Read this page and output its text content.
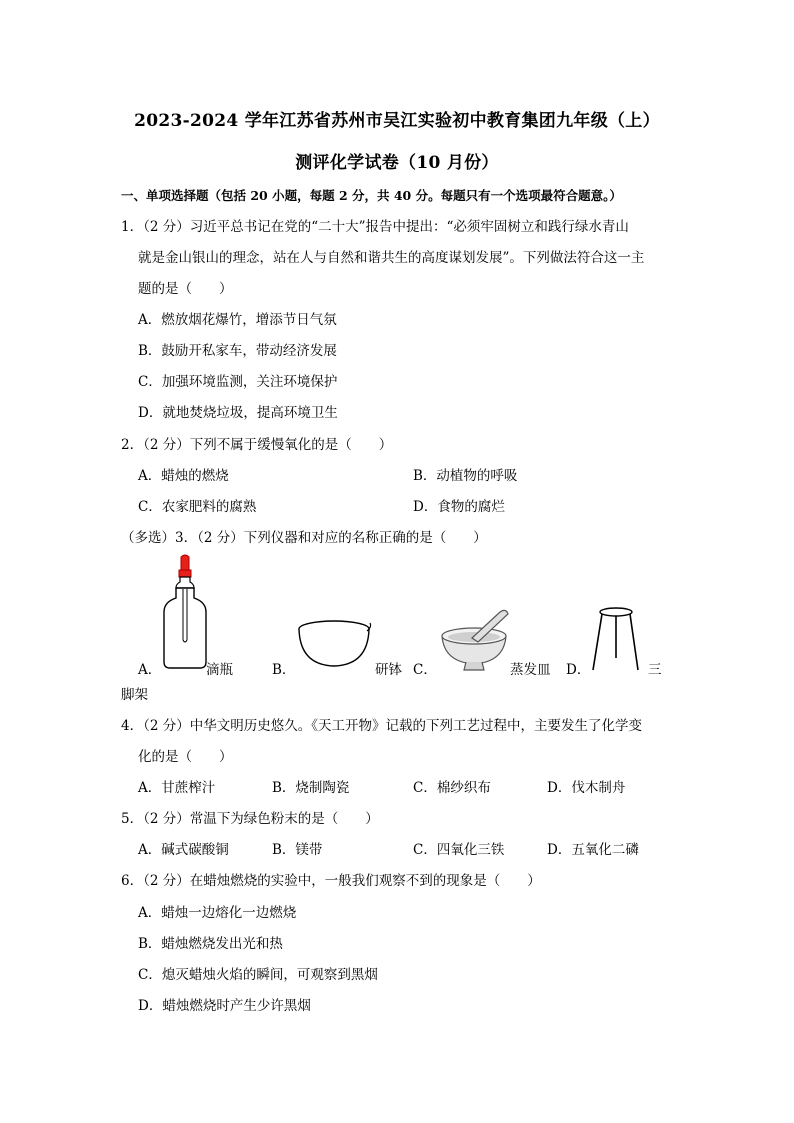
2023-2024 学年江苏省苏州市吴江实验初中教育集团九年级（上）
测评化学试卷（10 月份）
一、单项选择题（包括 20 小题，每题 2 分，共 40 分。每题只有一个选项最符合题意。）
1．（2 分）习近平总书记在党的“二十大”报告中提出：“必须牢固树立和践行绿水青山
就是金山银山的理念，站在人与自然和谐共生的高度谋划发展”。下列做法符合这一主
题的是（　　）
A．燃放烟花爆竹，增添节日气氛
B．鼓励开私家车，带动经济发展
C．加强环境监测，关注环境保护
D．就地焚烧垃圾，提高环境卫生
2．（2 分）下列不属于缓慢氧化的是（　　）
A．蜡烛的燃烧	B．动植物的呼吸
C．农家肥料的腐熟	D．食物的腐烂
（多选）3．（2 分）下列仪器和对应的名称正确的是（　　）
A．	滴瓶	B．	研钵 C．	蒸发皿 D．	三
脚架
4．（2 分）中华文明历史悠久。《天工开物》记载的下列工艺过程中，主要发生了化学变
化的是（　　）
A．甘蔗榨汁	B．烧制陶瓷	C．棉纱织布	D．伐木制舟
5．（2 分）常温下为绿色粉末的是（　　）
A．碱式碳酸铜	B．镁带	C．四氧化三铁	D．五氧化二磷
6．（2 分）在蜡烛燃烧的实验中，一般我们观察不到的现象是（　　）
A．蜡烛一边熔化一边燃烧
B．蜡烛燃烧发出光和热
C．熄灭蜡烛火焰的瞬间，可观察到黑烟
D．蜡烛燃烧时产生少许黑烟
